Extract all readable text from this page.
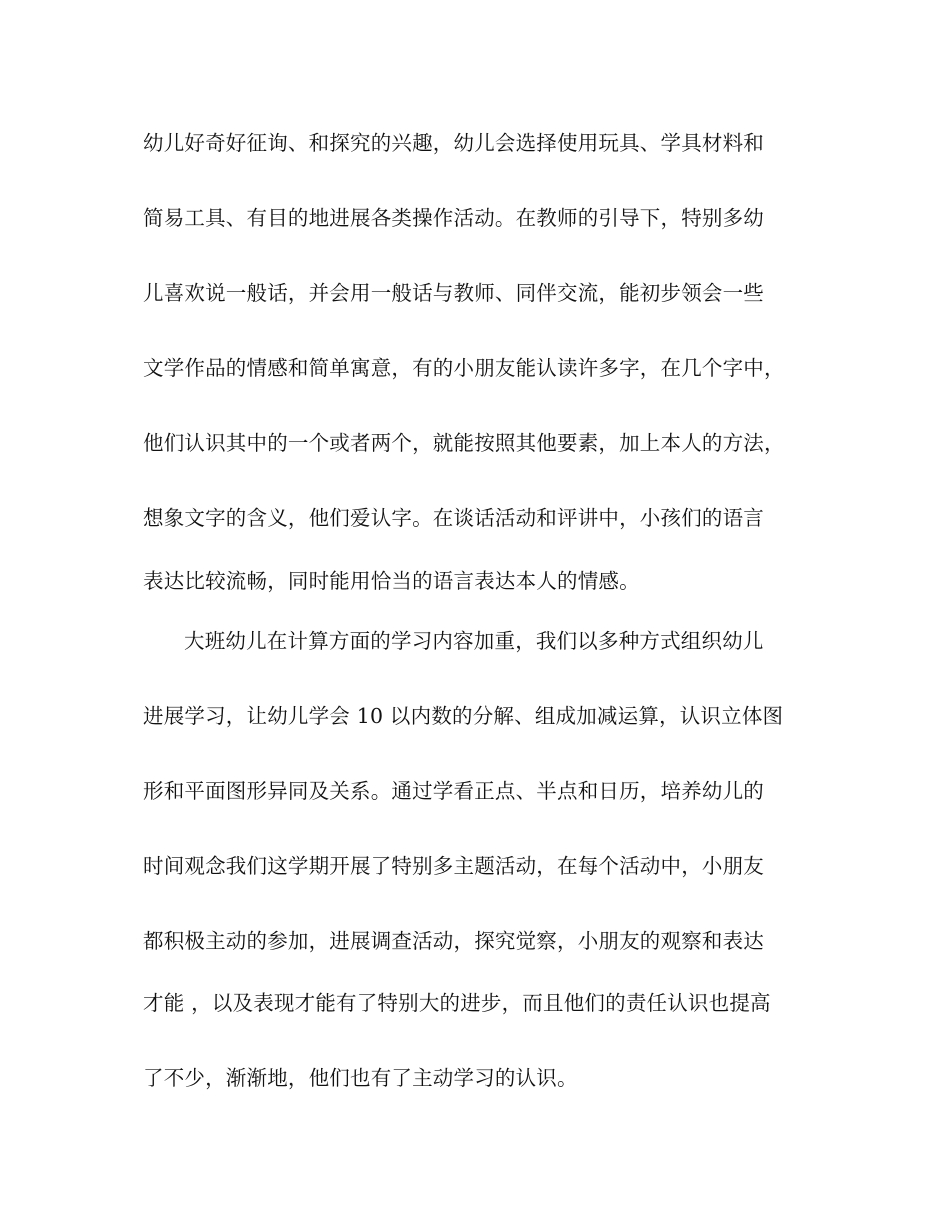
幼儿好奇好征询、和探究的兴趣，幼儿会选择使用玩具、学具材料和
简易工具、有目的地进展各类操作活动。在教师的引导下，特别多幼
儿喜欢说一般话，并会用一般话与教师、同伴交流，能初步领会一些
文学作品的情感和简单寓意，有的小朋友能认读许多字，在几个字中，
他们认识其中的一个或者两个，就能按照其他要素，加上本人的方法，
想象文字的含义，他们爱认字。在谈话活动和评讲中，小孩们的语言
表达比较流畅，同时能用恰当的语言表达本人的情感。
大班幼儿在计算方面的学习内容加重，我们以多种方式组织幼儿
进展学习，让幼儿学会 10 以内数的分解、组成加减运算，认识立体图
形和平面图形异同及关系。通过学看正点、半点和日历，培养幼儿的
时间观念我们这学期开展了特别多主题活动，在每个活动中，小朋友
都积极主动的参加，进展调查活动，探究觉察，小朋友的观察和表达
才能 ，以及表现才能有了特别大的进步，而且他们的责任认识也提高
了不少，渐渐地，他们也有了主动学习的认识。
